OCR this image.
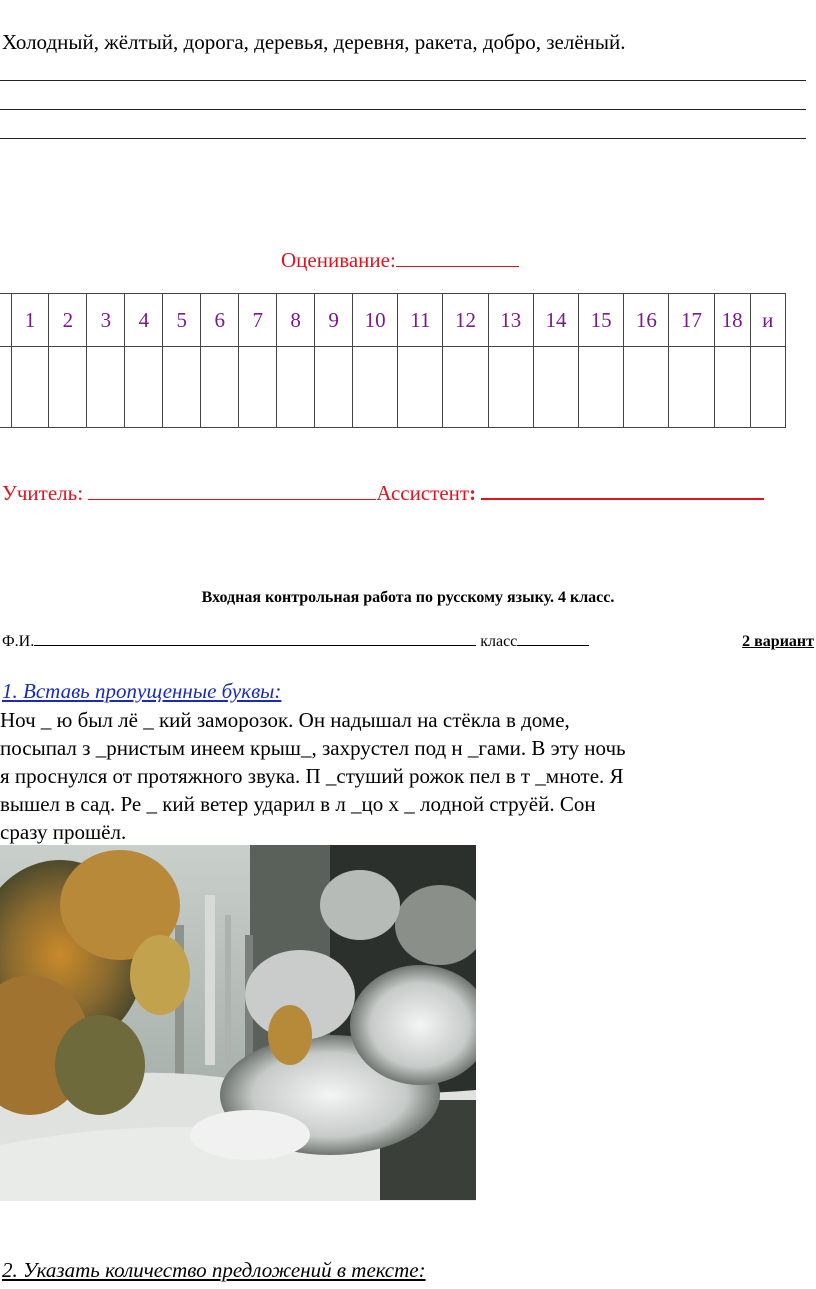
Холодный, жёлтый, дорога, деревья, деревня, ракета, добро, зелёный.
Оценивание:
	1	2	3	4	5	6	7	8	9	10	11	12	13	14	15	16	17	18	и

Учитель:	Ассистент:
Входная контрольная работа по русскому языку. 4 класс.
Ф.И.	класс	2 вариант
1. Вставь пропущенные буквы:
Ноч _ ю был лё _ кий заморозок. Он надышал на стёкла в доме,
посыпал з _рнистым инеем крыш_, захрустел под н _гами. В эту ночь
я проснулся от протяжного звука. П _стуший рожок пел в т _мноте. Я
вышел в сад. Ре _ кий ветер ударил в л _цо х _ лодной струёй. Сон
сразу прошёл.
2. Указать количество предложений в тексте:
